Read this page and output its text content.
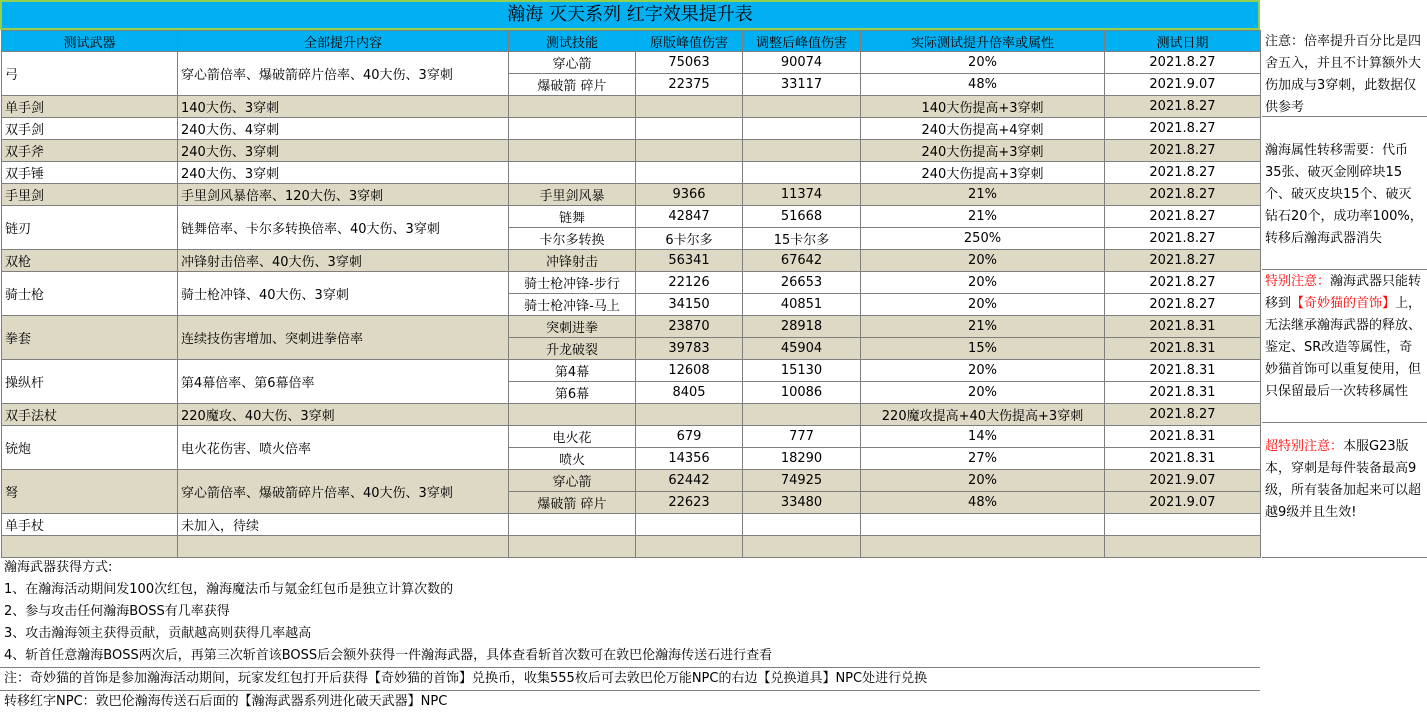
瀚海 灭天系列 红字效果提升表
测试武器	全部提升内容	测试技能	原版峰值伤害	调整后峰值伤害	实际测试提升倍率或属性	测试日期
弓	穿心箭倍率、爆破箭碎片倍率、40大伤、3穿刺	穿心箭	75063	90074	20%	2021.8.27
		爆破箭 碎片	22375	33117	48%	2021.9.07
单手剑	140大伤、3穿刺				140大伤提高+3穿刺	2021.8.27
双手剑	240大伤、4穿刺				240大伤提高+4穿刺	2021.8.27
双手斧	240大伤、3穿刺				240大伤提高+3穿刺	2021.8.27
双手锤	240大伤、3穿刺				240大伤提高+3穿刺	2021.8.27
手里剑	手里剑风暴倍率、120大伤、3穿刺	手里剑风暴	9366	11374	21%	2021.8.27
链刃	链舞倍率、卡尔多转换倍率、40大伤、3穿刺	链舞	42847	51668	21%	2021.8.27
		卡尔多转换	6卡尔多	15卡尔多	250%	2021.8.27
双枪	冲锋射击倍率、40大伤、3穿刺	冲锋射击	56341	67642	20%	2021.8.27
骑士枪	骑士枪冲锋、40大伤、3穿刺	骑士枪冲锋-步行	22126	26653	20%	2021.8.27
		骑士枪冲锋-马上	34150	40851	20%	2021.8.27
拳套	连续技伤害增加、突刺进拳倍率	突刺进拳	23870	28918	21%	2021.8.31
		升龙破裂	39783	45904	15%	2021.8.31
操纵杆	第4幕倍率、第6幕倍率	第4幕	12608	15130	20%	2021.8.31
		第6幕	8405	10086	20%	2021.8.31
双手法杖	220魔攻、40大伤、3穿刺				220魔攻提高+40大伤提高+3穿刺	2021.8.27
铳炮	电火花伤害、喷火倍率	电火花	679	777	14%	2021.8.31
		喷火	14356	18290	27%	2021.8.31
弩	穿心箭倍率、爆破箭碎片倍率、40大伤、3穿刺	穿心箭	62442	74925	20%	2021.9.07
		爆破箭 碎片	22623	33480	48%	2021.9.07
单手杖	未加入，待续					

瀚海武器获得方式:
1、在瀚海活动期间发100次红包，瀚海魔法币与氪金红包币是独立计算次数的
2、参与攻击任何瀚海BOSS有几率获得
3、攻击瀚海领主获得贡献，贡献越高则获得几率越高
4、斩首任意瀚海BOSS两次后，再第三次斩首该BOSS后会额外获得一件瀚海武器，具体查看斩首次数可在敦巴伦瀚海传送石进行查看
注：奇妙猫的首饰是参加瀚海活动期间，玩家发红包打开后获得【奇妙猫的首饰】兑换币，收集555枚后可去敦巴伦万能NPC的右边【兑换道具】NPC处进行兑换
转移红字NPC：敦巴伦瀚海传送石后面的【瀚海武器系列进化破天武器】NPC
注意：倍率提升百分比是四舍五入，并且不计算额外大伤加成与3穿刺，此数据仅供参考
瀚海属性转移需要：代币35张、破灭金刚碎块15个、破灭皮块15个、破灭钻石20个，成功率100%，转移后瀚海武器消失
特别注意：瀚海武器只能转移到【奇妙猫的首饰】上，无法继承瀚海武器的释放、鉴定、SR改造等属性，奇妙猫首饰可以重复使用，但只保留最后一次转移属性
超特别注意：本服G23版本，穿刺是每件装备最高9级，所有装备加起来可以超越9级并且生效!
